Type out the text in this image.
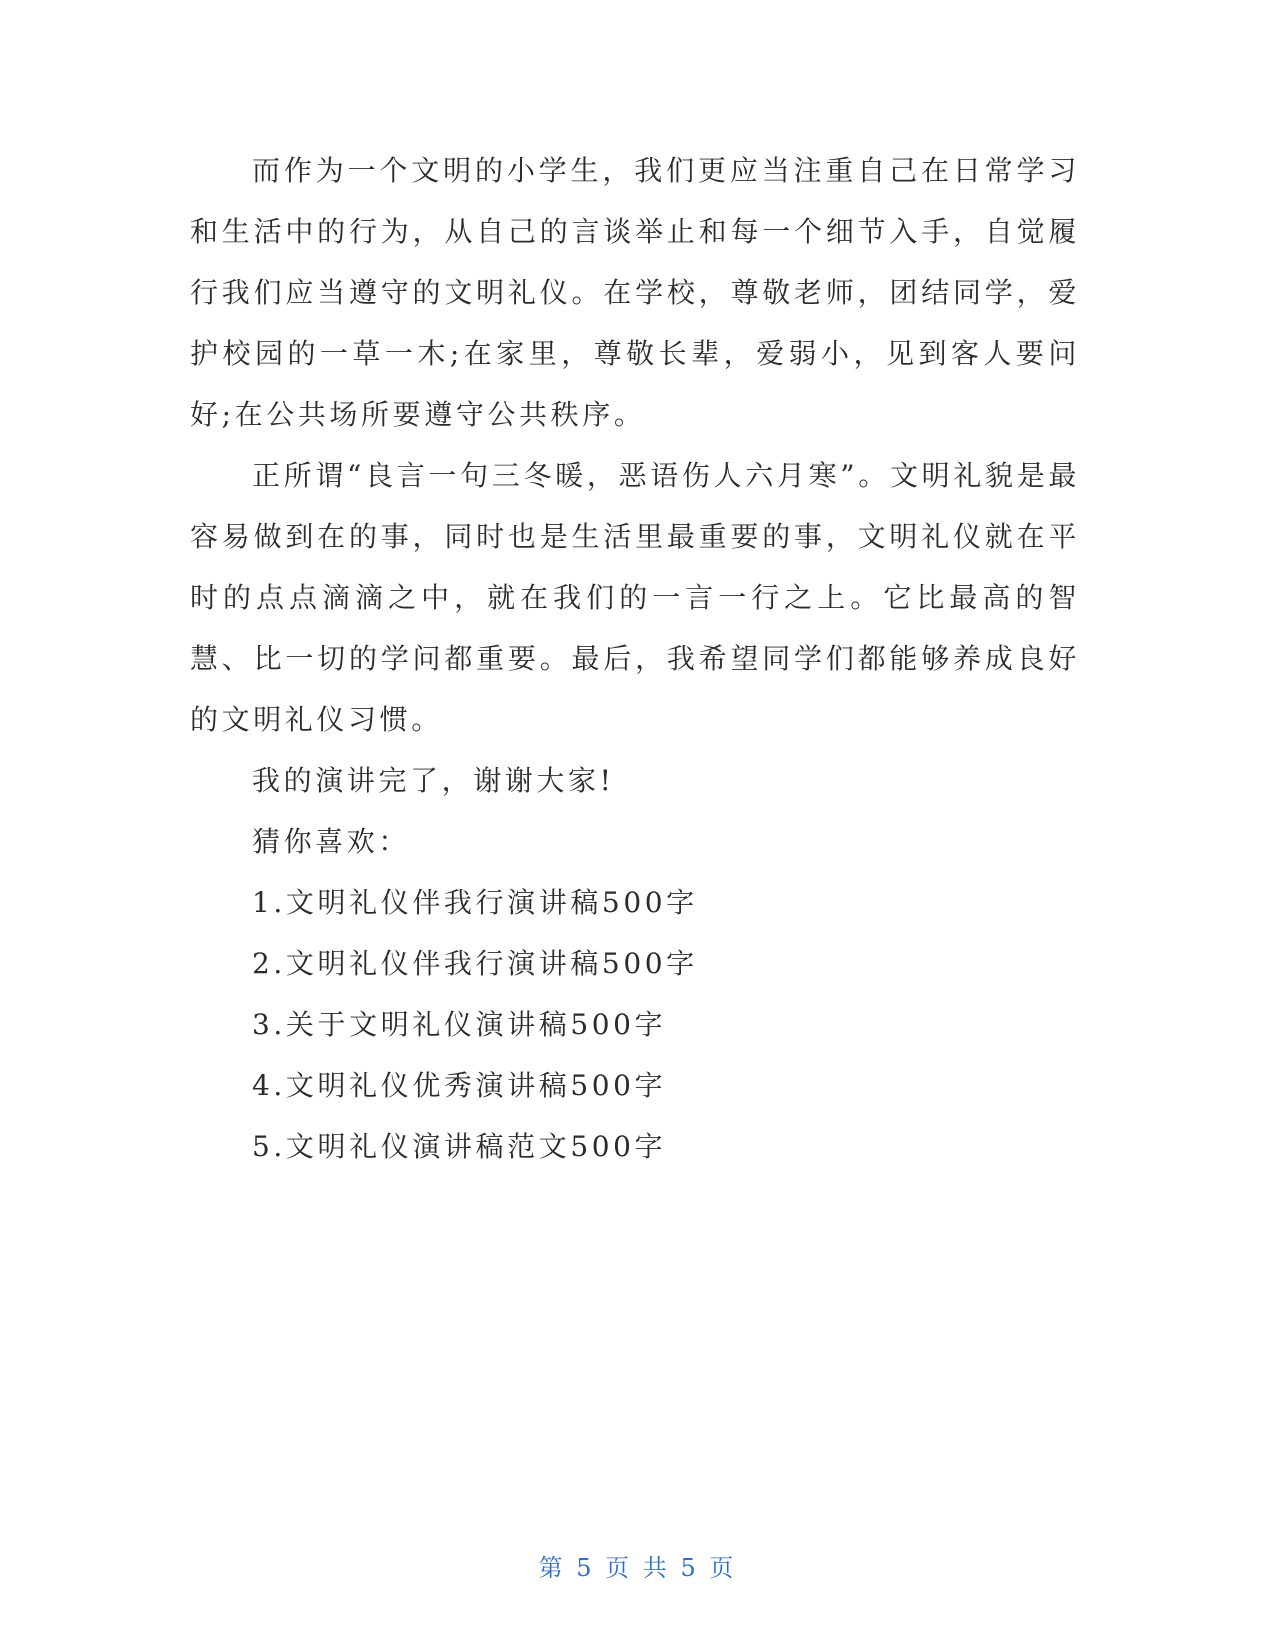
而作为一个文明的小学生，我们更应当注重自己在日常学习和生活中的行为，从自己的言谈举止和每一个细节入手，自觉履行我们应当遵守的文明礼仪。在学校，尊敬老师，团结同学，爱护校园的一草一木;在家里，尊敬长辈，爱弱小，见到客人要问好;在公共场所要遵守公共秩序。

正所谓“良言一句三冬暖，恶语伤人六月寒”。文明礼貌是最容易做到在的事，同时也是生活里最重要的事，文明礼仪就在平时的点点滴滴之中，就在我们的一言一行之上。它比最高的智慧、比一切的学问都重要。最后，我希望同学们都能够养成良好的文明礼仪习惯。

我的演讲完了，谢谢大家!

猜你喜欢：

1.文明礼仪伴我行演讲稿500字

2.文明礼仪伴我行演讲稿500字

3.关于文明礼仪演讲稿500字

4.文明礼仪优秀演讲稿500字

5.文明礼仪演讲稿范文500字

第 5 页 共 5 页
